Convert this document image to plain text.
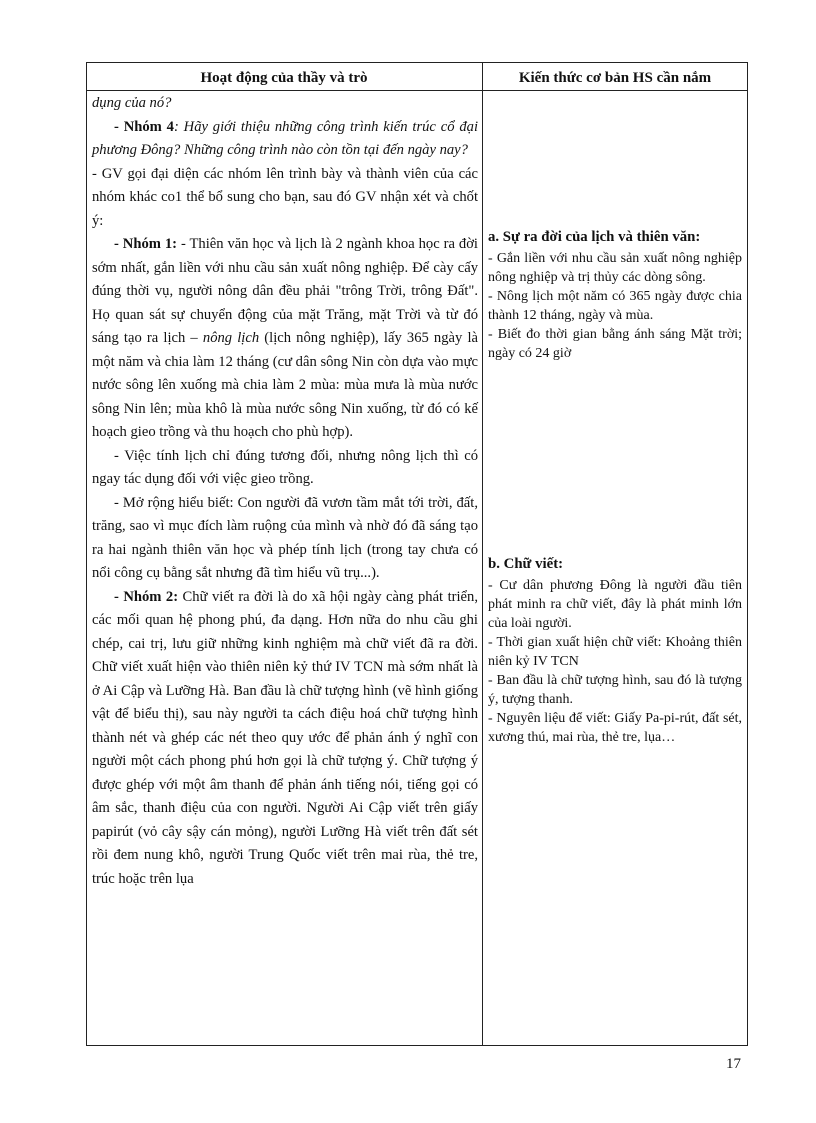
Hoạt động của thầy và trò	Kiến thức cơ bản HS cần nắm

dụng của nó?

- Nhóm 4: Hãy giới thiệu những công trình kiến trúc cổ đại phương Đông? Những công trình nào còn tồn tại đến ngày nay?

- GV gọi đại diện các nhóm lên trình bày và thành viên của các nhóm khác co1 thể bổ sung cho bạn, sau đó GV nhận xét và chốt ý:

- Nhóm 1: - Thiên văn học và lịch là 2 ngành khoa học ra đời sớm nhất, gắn liền với nhu cầu sản xuất nông nghiệp. Để cày cấy đúng thời vụ, người nông dân đều phải "trông Trời, trông Đất". Họ quan sát sự chuyển động của mặt Trăng, mặt Trời và từ đó sáng tạo ra lịch – nông lịch (lịch nông nghiệp), lấy 365 ngày là một năm và chia làm 12 tháng (cư dân sông Nin còn dựa vào mực nước sông lên xuống mà chia làm 2 mùa: mùa mưa là mùa nước sông Nin lên; mùa khô là mùa nước sông Nin xuống, từ đó có kế hoạch gieo trồng và thu hoạch cho phù hợp).

- Việc tính lịch chỉ đúng tương đối, nhưng nông lịch thì có ngay tác dụng đối với việc gieo trồng.

- Mở rộng hiểu biết: Con người đã vươn tầm mắt tới trời, đất, trăng, sao vì mục đích làm ruộng của mình và nhờ đó đã sáng tạo ra hai ngành thiên văn học và phép tính lịch (trong tay chưa có nổi công cụ bằng sắt nhưng đã tìm hiểu vũ trụ...).

- Nhóm 2: Chữ viết ra đời là do xã hội ngày càng phát triển, các mối quan hệ phong phú, đa dạng. Hơn nữa do nhu cầu ghi chép, cai trị, lưu giữ những kinh nghiệm mà chữ viết đã ra đời. Chữ viết xuất hiện vào thiên niên kỷ thứ IV TCN mà sớm nhất là ở Ai Cập và Lưỡng Hà. Ban đầu là chữ tượng hình (vẽ hình giống vật để biểu thị), sau này người ta cách điệu hoá chữ tượng hình thành nét và ghép các nét theo quy ước để phản ánh ý nghĩ con người một cách phong phú hơn gọi là chữ tượng ý. Chữ tượng ý được ghép với một âm thanh để phản ánh tiếng nói, tiếng gọi có âm sắc, thanh điệu của con người. Người Ai Cập viết trên giấy papirút (vỏ cây sậy cán mỏng), người Lưỡng Hà viết trên đất sét rồi đem nung khô, người Trung Quốc viết trên mai rùa, thẻ tre, trúc hoặc trên lụa

a. Sự ra đời của lịch và thiên văn:

- Gắn liền với nhu cầu sản xuất nông nghiệp nông nghiệp và trị thủy các dòng sông.

- Nông lịch một năm có 365 ngày được chia thành 12 tháng, ngày và mùa.

- Biết đo thời gian bằng ánh sáng Mặt trời; ngày có 24 giờ

b. Chữ viết:

- Cư dân phương Đông là người đầu tiên phát minh ra chữ viết, đây là phát minh lớn của loài người.

- Thời gian xuất hiện chữ viết: Khoảng thiên niên kỷ IV TCN

- Ban đầu là chữ tượng hình, sau đó là tượng ý, tượng thanh.

- Nguyên liệu để viết: Giấy Pa-pi-rút, đất sét, xương thú, mai rùa, thẻ tre, lụa…

17
